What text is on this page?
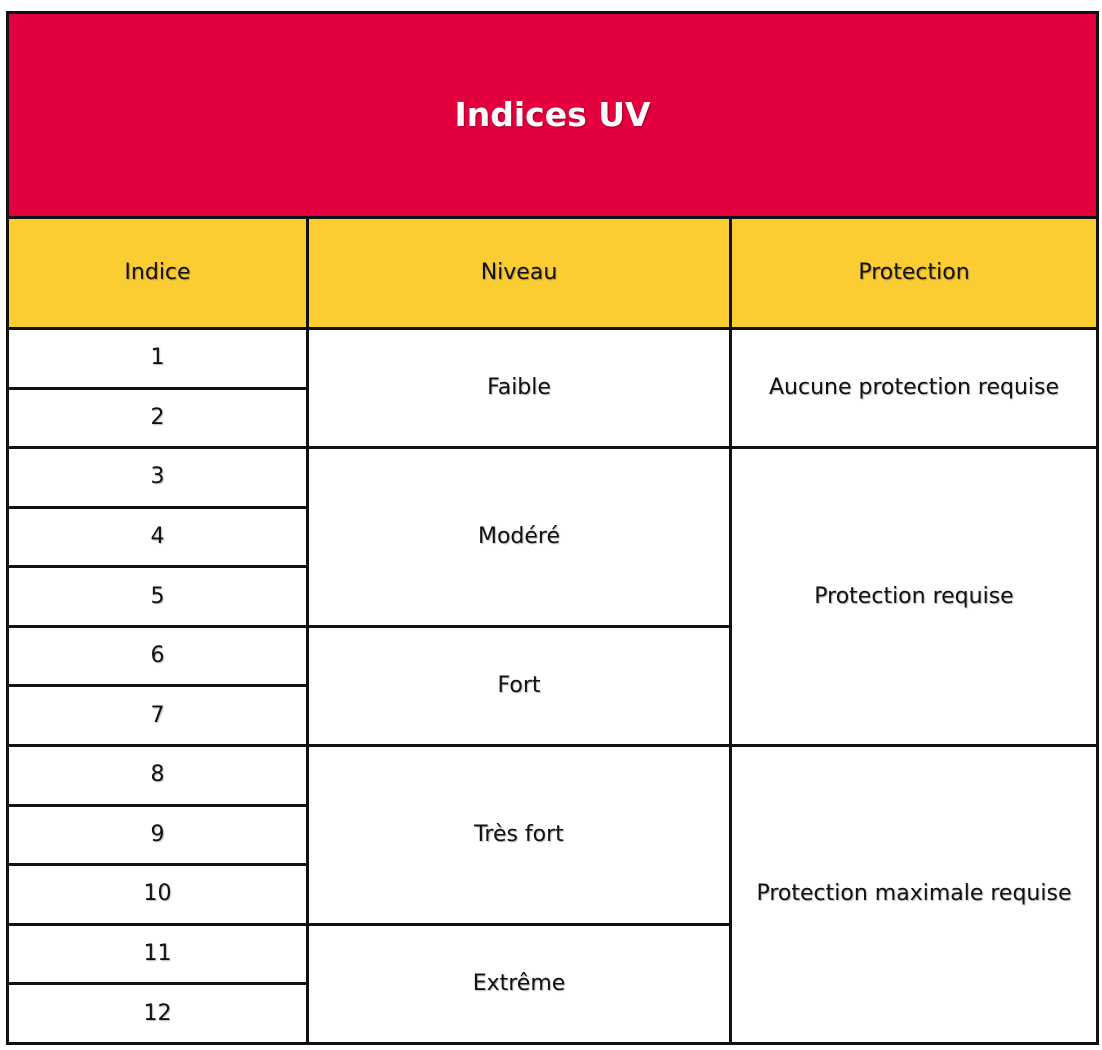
Indices UV		
Indice	Niveau	Protection
1	Faible	Aucune protection requise
2		
3	Modéré	Protection requise
4		
5		
6	Fort	
7		
8	Très fort	Protection maximale requise
9		
10		
11	Extrême	
12		
